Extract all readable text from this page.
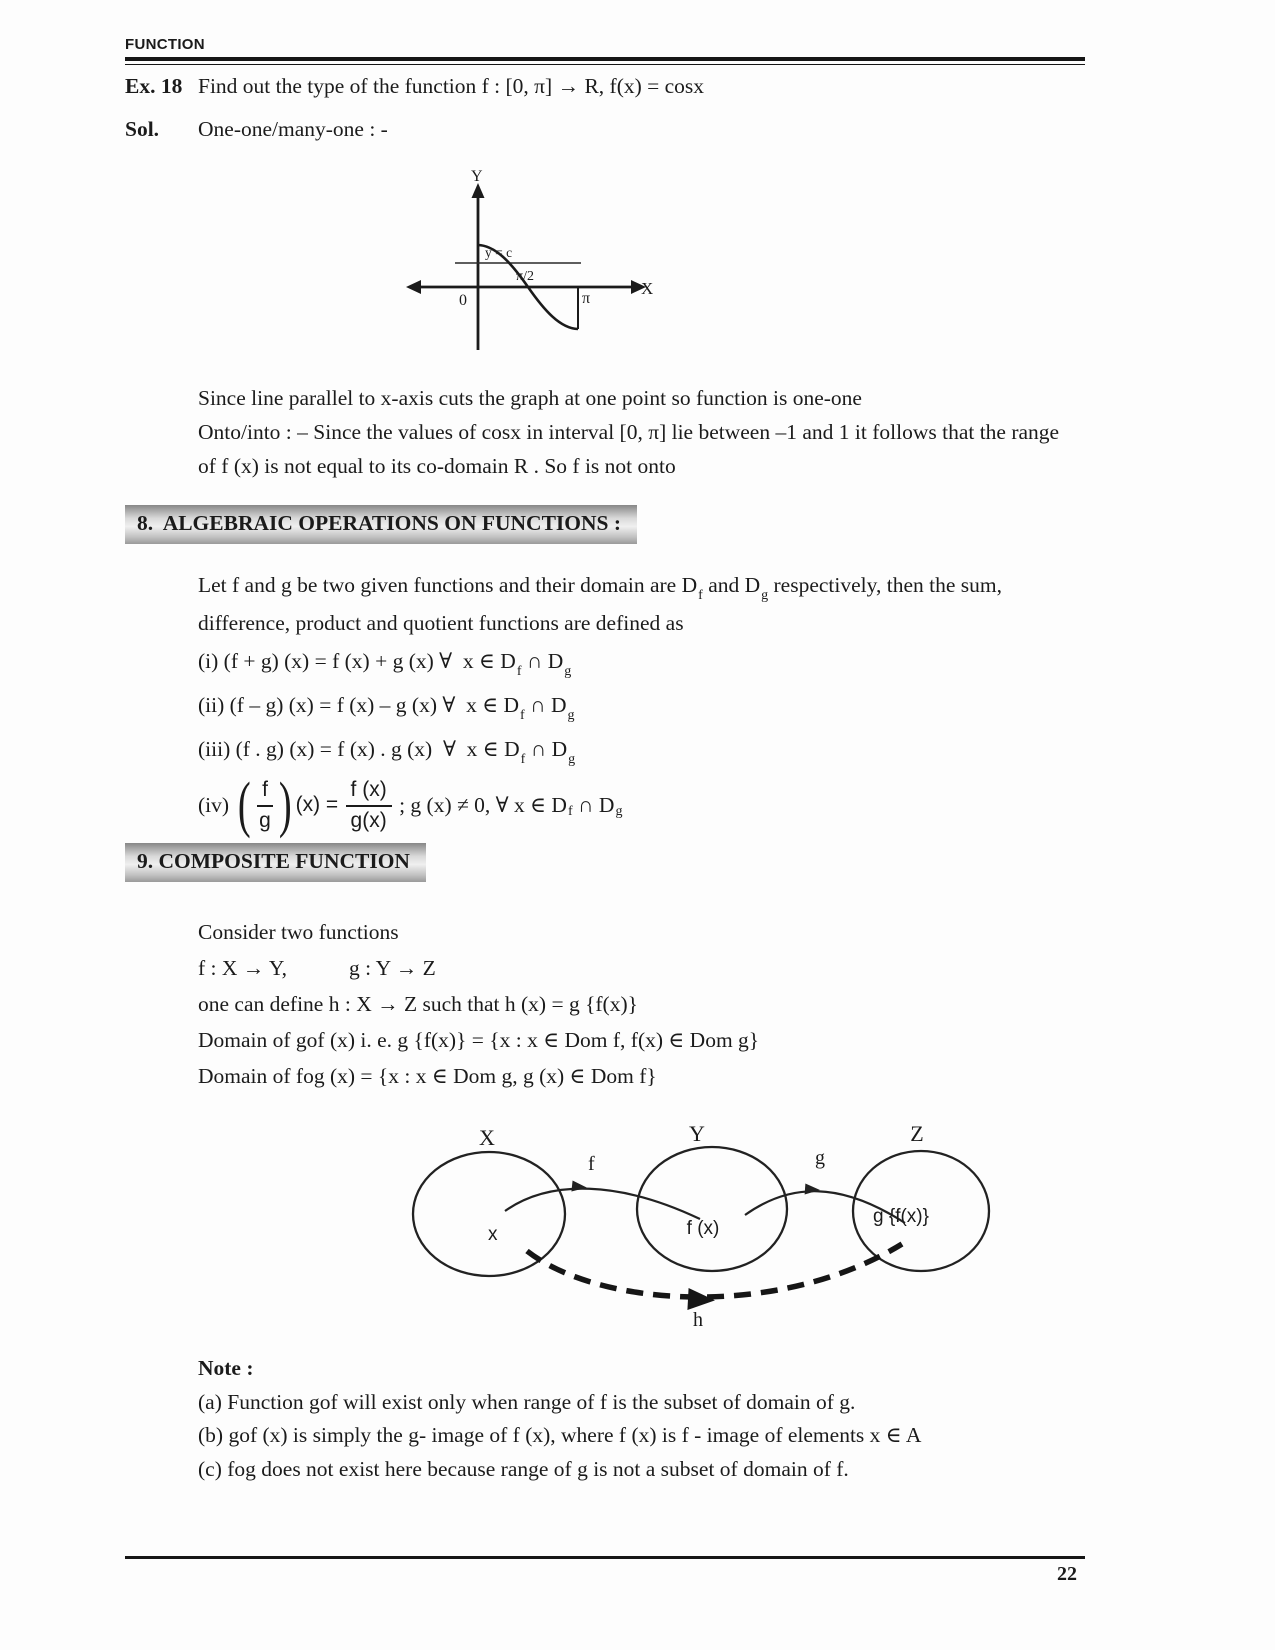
FUNCTION
Ex. 18 Find out the type of the function f : [0, π] → R, f(x) = cosx
Sol. One-one/many-one : -
Y
X
y = c
π/2
0	π
Since line parallel to x-axis cuts the graph at one point so function is one-one
Onto/into : – Since the values of cosx in interval [0, π] lie between –1 and 1 it follows that the range
of f (x) is not equal to its co-domain R . So f is not onto
8.  ALGEBRAIC OPERATIONS ON FUNCTIONS :
Let f and g be two given functions and their domain are $D_f$ and $D_g$ respectively, then the sum,
difference, product and quotient functions are defined as
(i) (f + g) (x) = f (x) + g (x) ∀  x ∈ $D_f$ ∩ $D_g$
(ii) (f – g) (x) = f (x) – g (x) ∀  x ∈ $D_f$ ∩ $D_g$
(iii) (f . g) (x) = f (x) . g (x)  ∀  x ∈ $D_f$ ∩ $D_g$
(iv)
( $\frac{f}{g}$ ) (x) =
$\frac{f (x)}{g(x)}$ ; g (x) ≠ 0, ∀ x ∈ D f ∩ D g
9. COMPOSITE FUNCTION
Consider two functions
f : X → Y,	g : Y → Z
one can define h : X → Z such that h (x) = g {f(x)}
Domain of gof (x) i. e. g {f(x)} = {x : x ∈ Dom f, f(x) ∈ Dom g}
Domain of fog (x) = {x : x ∈ Dom g, g (x) ∈ Dom f}
X	Y	Z
x	f (x)
g {f(x)}
f	g
h
Note :
(a) Function gof will exist only when range of f is the subset of domain of g.
(b) gof (x) is simply the g- image of f (x), where f (x) is f - image of elements x ∈ A
(c) fog does not exist here because range of g is not a subset of domain of f.
22
